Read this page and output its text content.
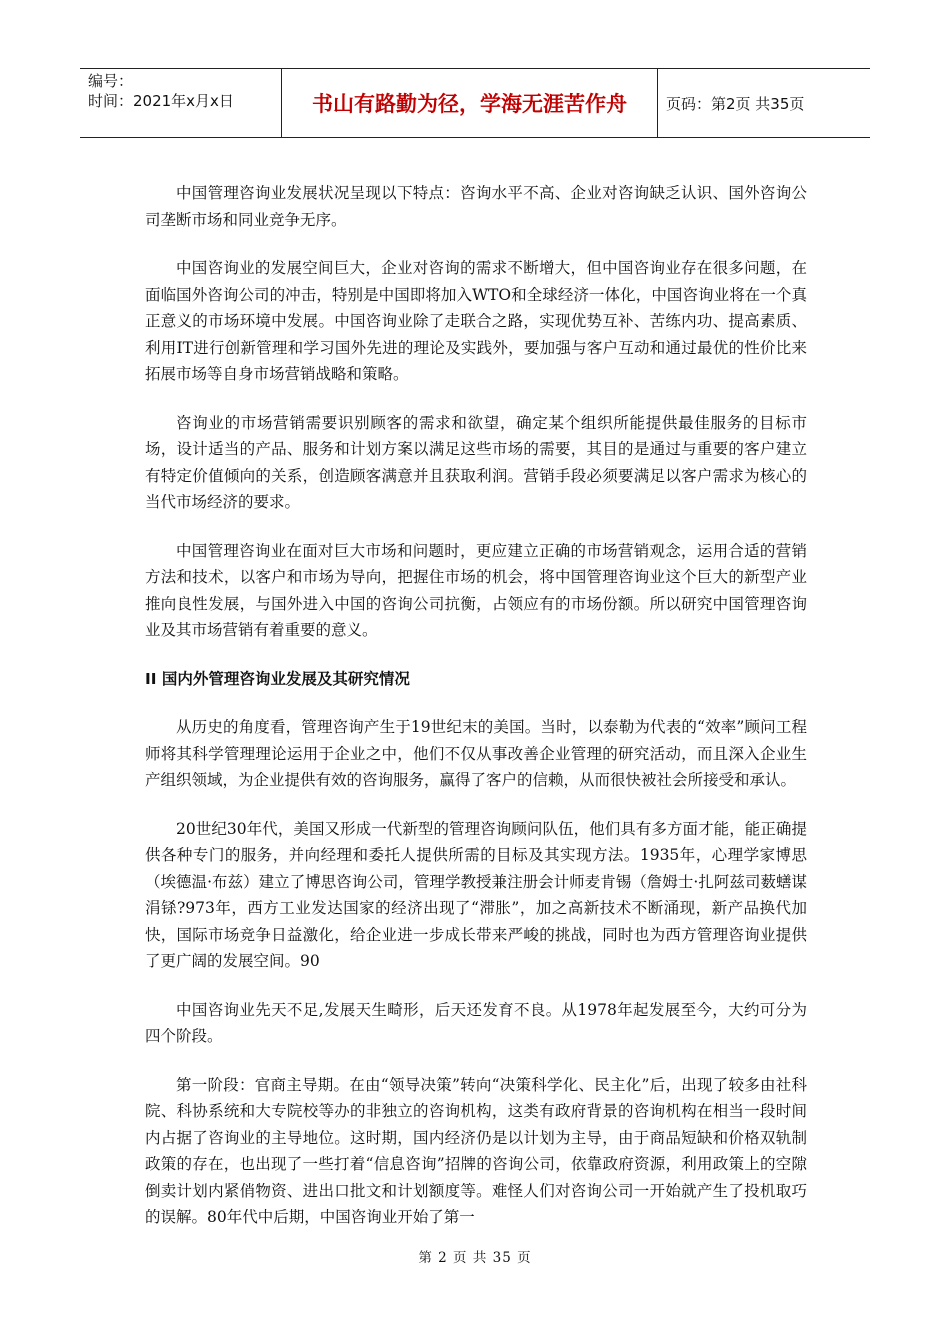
编号：
时间：2021年x月x日	书山有路勤为径，学海无涯苦作舟	页码：第2页 共35页

中国管理咨询业发展状况呈现以下特点：咨询水平不高、企业对咨询缺乏认识、国外咨询公司垄断市场和同业竞争无序。

中国咨询业的发展空间巨大，企业对咨询的需求不断增大，但中国咨询业存在很多问题，在面临国外咨询公司的冲击，特别是中国即将加入WTO和全球经济一体化，中国咨询业将在一个真正意义的市场环境中发展。中国咨询业除了走联合之路，实现优势互补、苦练内功、提高素质、利用IT进行创新管理和学习国外先进的理论及实践外，要加强与客户互动和通过最优的性价比来拓展市场等自身市场营销战略和策略。

咨询业的市场营销需要识别顾客的需求和欲望，确定某个组织所能提供最佳服务的目标市场，设计适当的产品、服务和计划方案以满足这些市场的需要，其目的是通过与重要的客户建立有特定价值倾向的关系，创造顾客满意并且获取利润。营销手段必须要满足以客户需求为核心的当代市场经济的要求。

中国管理咨询业在面对巨大市场和问题时，更应建立正确的市场营销观念，运用合适的营销方法和技术，以客户和市场为导向，把握住市场的机会，将中国管理咨询业这个巨大的新型产业推向良性发展，与国外进入中国的咨询公司抗衡，占领应有的市场份额。所以研究中国管理咨询业及其市场营销有着重要的意义。

II 国内外管理咨询业发展及其研究情况

从历史的角度看，管理咨询产生于19世纪末的美国。当时，以泰勒为代表的“效率”顾问工程师将其科学管理理论运用于企业之中，他们不仅从事改善企业管理的研究活动，而且深入企业生产组织领域，为企业提供有效的咨询服务，赢得了客户的信赖，从而很快被社会所接受和承认。

20世纪30年代，美国又形成一代新型的管理咨询顾问队伍，他们具有多方面才能，能正确提供各种专门的服务，并向经理和委托人提供所需的目标及其实现方法。1935年，心理学家博思（埃德温·布兹）建立了博思咨询公司，管理学教授兼注册会计师麦肯锡（詹姆士·扎阿兹司薮蟮谋涓铩?973年，西方工业发达国家的经济出现了“滞胀”，加之高新技术不断涌现，新产品换代加快，国际市场竞争日益激化，给企业进一步成长带来严峻的挑战，同时也为西方管理咨询业提供了更广阔的发展空间。90

中国咨询业先天不足,发展天生畸形，后天还发育不良。从1978年起发展至今，大约可分为四个阶段。

第一阶段：官商主导期。在由“领导决策”转向“决策科学化、民主化”后，出现了较多由社科院、科协系统和大专院校等办的非独立的咨询机构，这类有政府背景的咨询机构在相当一段时间内占据了咨询业的主导地位。这时期，国内经济仍是以计划为主导，由于商品短缺和价格双轨制政策的存在，也出现了一些打着“信息咨询”招牌的咨询公司，依靠政府资源，利用政策上的空隙倒卖计划内紧俏物资、进出口批文和计划额度等。难怪人们对咨询公司一开始就产生了投机取巧的误解。80年代中后期，中国咨询业开始了第一

第 2 页 共 35 页
